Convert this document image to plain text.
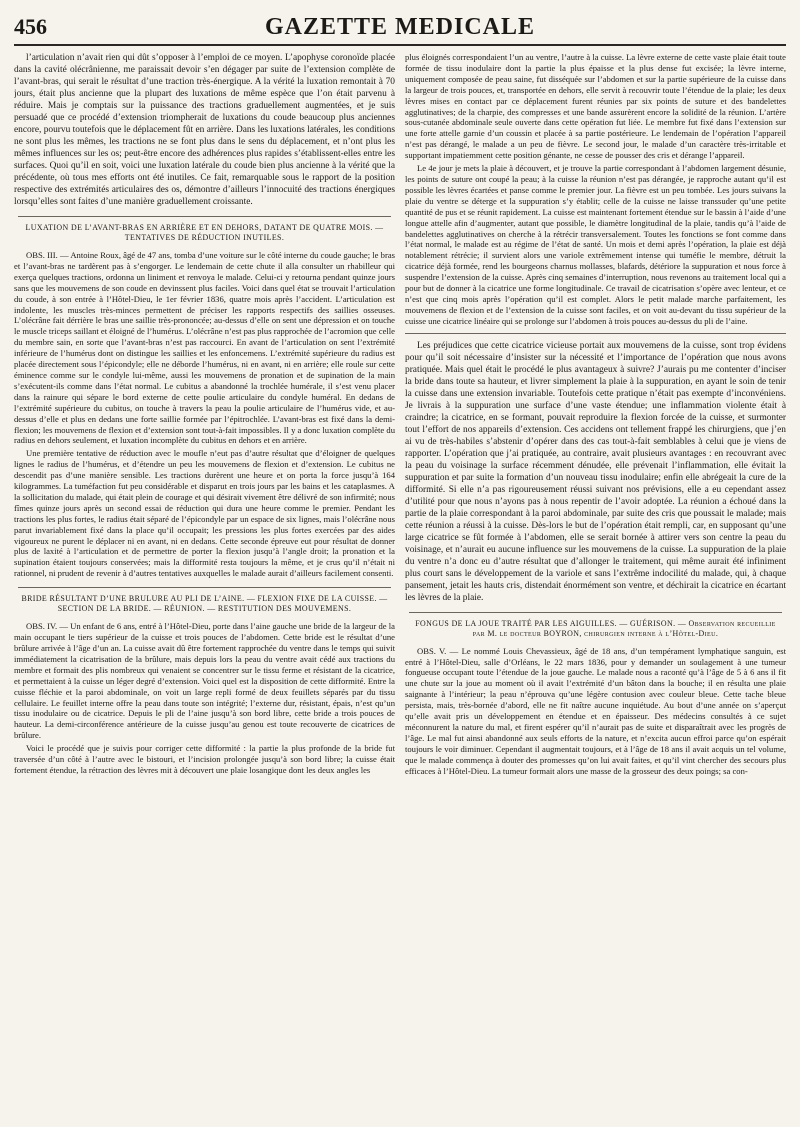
456	GAZETTE MEDICALE

l’articulation n’avait rien qui dût s’opposer à l’emploi de ce moyen. L’apophyse coronoïde placée dans la cavité olécrânienne, me paraissait devoir s’en dégager par suite de l’extension complète de l’avant-bras, qui serait le résultat d’une traction très-énergique. A la vérité la luxation remontait à 70 jours, était plus ancienne que la plupart des luxations de même espèce que l’on était parvenu à réduire. Mais je comptais sur la puissance des tractions graduellement augmentées, et je suis persuadé que ce procédé d’extension triompherait de luxations du coude beaucoup plus anciennes encore, pourvu toutefois que le déplacement fût en arrière. Dans les luxations latérales, les conditions ne sont plus les mêmes, les tractions ne se font plus dans le sens du déplacement, et n’ont plus les mêmes influences sur les os; peut-être encore des adhérences plus rapides s’établissent-elles entre les surfaces. Quoi qu’il en soit, voici une luxation latérale du coude bien plus ancienne à la vérité que la précédente, où tous mes efforts ont été inutiles. Ce fait, remarquable sous le rapport de la position respective des extrémités articulaires des os, démontre d’ailleurs l’innocuité des tractions énergiques lorsqu’elles sont faites d’une manière graduellement croissante.

LUXATION DE L’AVANT-BRAS EN ARRIÈRE ET EN DEHORS, DATANT DE QUATRE MOIS. — TENTATIVES DE RÉDUCTION INUTILES.

OBS. III. — Antoine Roux, âgé de 47 ans, tomba d’une voiture sur le côté interne du coude gauche; le bras et l’avant-bras ne tardèrent pas à s’engorger. Le lendemain de cette chute il alla consulter un rhabilleur qui exerça quelques tractions, ordonna un liniment et renvoya le malade. Celui-ci y retourna pendant quinze jours sans que les mouvemens de son coude en devinssent plus faciles. Voici dans quel état se trouvait l’articulation du coude, à son entrée à l’Hôtel-Dieu, le 1er février 1836, quatre mois après l’accident. L’articulation est indolente, les muscles très-minces permettent de préciser les rapports respectifs des saillies osseuses. L’olécrâne fait dérrière le bras une saillie très-prononcée; au-dessus d’elle on sent une dépression et on touche le muscle triceps saillant et éloigné de l’humérus. L’olécrâne n’est pas plus rapprochée de l’acromion que celle du membre sain, en sorte que l’avant-bras n’est pas raccourci. En avant de l’articulation on sent l’extrémité inférieure de l’humérus dont on distingue les saillies et les enfoncemens. L’extrémité supérieure du radius est placée directement sous l’épicondyle; elle ne déborde l’humérus, ni en avant, ni en arrière; elle roule sur cette éminence comme sur le condyle lui-même, aussi les mouvemens de pronation et de supination de la main s’exécutent-ils comme dans l’état normal. Le cubitus a abandonné la trochlée humérale, il s’est venu placer dans la rainure qui sépare le bord externe de cette poulie articulaire du condyle huméral. En dedans de l’extrémité supérieure du cubitus, on touche à travers la peau la poulie articulaire de l’humérus vide, et au-dessus d’elle et plus en dedans une forte saillie formée par l’épitrochlée. L’avant-bras est fixé dans la demi-flexion; les mouvemens de flexion et d’extension sont tout-à-fait impossibles. Il y a donc luxation complète du radius en dehors seulement, et luxation incomplète du cubitus en dehors et en arrière.

Une première tentative de réduction avec le moufle n’eut pas d’autre résultat que d’éloigner de quelques lignes le radius de l’humérus, et d’étendre un peu les mouvemens de flexion et d’extension. Le cubitus ne descendit pas d’une manière sensible. Les tractions durèrent une heure et on porta la force jusqu’à 164 kilogrammes. La tuméfaction fut peu considérable et disparut en trois jours par les bains et les cataplasmes. A la sollicitation du malade, qui était plein de courage et qui désirait vivement être délivré de son infirmité; nous fîmes quinze jours après un second essai de réduction qui dura une heure comme le premier. Pendant les tractions les plus fortes, le radius était séparé de l’épicondyle par un espace de six lignes, mais l’olécrâne nous parut invariablement fixé dans la place qu’il occupait; les pressions les plus fortes exercées par des aides vigoureux ne purent le déplacer ni en avant, ni en dedans. Cette seconde épreuve eut pour résultat de donner plus de laxité à l’articulation et de permettre de porter la flexion jusqu’à l’angle droit; la pronation et la supination étaient toujours conservées; mais la difformité resta toujours la même, et je crus qu’il n’était ni rationnel, ni prudent de revenir à d’autres tentatives auxquelles le malade aurait d’ailleurs facilement consenti.

BRIDE RÉSULTANT D’UNE BRULURE AU PLI DE L’AINE. — FLEXION FIXE DE LA CUISSE. — SECTION DE LA BRIDE. — RÉUNION. — RESTITUTION DES MOUVEMENS.

OBS. IV. — Un enfant de 6 ans, entré à l’Hôtel-Dieu, porte dans l’aine gauche une bride de la largeur de la main occupant le tiers supérieur de la cuisse et trois pouces de l’abdomen. Cette bride est le résultat d’une brûlure arrivée à l’âge d’un an. La cuisse avait dû être fortement rapprochée du ventre dans le temps qui suivit immédiatement la cicatrisation de la brûlure, mais depuis lors la peau du ventre avait cédé aux tractions du membre et formait des plis nombreux qui venaient se concentrer sur le tissu ferme et résistant de la cicatrice, et permettaient à la cuisse un léger degré d’extension. Voici quel est la disposition de cette difformité. Entre la cuisse fléchie et la paroi abdominale, on voit un large repli formé de deux feuillets séparés par du tissu cellulaire. Le feuillet interne offre la peau dans toute son intégrité; l’externe dur, résistant, épais, n’est qu’un tissu inodulaire ou de cicatrice. Depuis le pli de l’aine jusqu’à son bord libre, cette bride a trois pouces de hauteur. La demi-circonférence antérieure de la cuisse jusqu’au genou est toute recouverte de cicatrices de brûlure.

Voici le procédé que je suivis pour corriger cette difformité : la partie la plus profonde de la bride fut traversée d’un côté à l’autre avec le bistouri, et l’incision prolongée jusqu’à son bord libre; la cuisse était fortement étendue, la rétraction des lèvres mit à découvert une plaie losangique dont les deux angles les

plus éloignés correspondaient l’un au ventre, l’autre à la cuisse. La lèvre externe de cette vaste plaie était toute formée de tissu inodulaire dont la partie la plus épaisse et la plus dense fut excisée; la lèvre interne, uniquement composée de peau saine, fut disséquée sur l’abdomen et sur la partie supérieure de la cuisse dans la largeur de trois pouces, et, transportée en dehors, elle servit à recouvrir toute l’étendue de la plaie; les deux lèvres mises en contact par ce déplacement furent réunies par six points de suture et des bandelettes agglutinatives; de la charpie, des compresses et une bande assurèrent encore la solidité de la réunion. L’artère sous-cutanée abdominale seule ouverte dans cette opération fut liée. Le membre fut fixé dans l’extension sur une forte attelle garnie d’un coussin et placée à sa partie postérieure. Le lendemain de l’opération l’appareil n’est pas dérangé, le malade a un peu de fièvre. Le second jour, le malade d’un caractère très-irritable et supportant impatiemment cette position génante, ne cesse de pousser des cris et dérange l’appareil.

Le 4e jour je mets la plaie à découvert, et je trouve la partie correspondant à l’abdomen largement désunie, les points de suture ont coupé la peau; à la cuisse la réunion n’est pas dérangée, je rapproche autant qu’il est possible les lèvres écartées et panse comme le premier jour. La fièvre est un peu tombée. Les jours suivans la plaie du ventre se déterge et la suppuration s’y établit; celle de la cuisse ne laisse transsuder qu’une petite quantité de pus et se réunit rapidement. La cuisse est maintenant fortement étendue sur le bassin à l’aide d’une longue attelle afin d’augmenter, autant que possible, le diamètre longitudinal de la plaie, tandis qu’à l’aide de bandelettes agglutinatives on cherche à la rétrécir transversalement. Toutes les fonctions se font comme dans l’état normal, le malade est au régime de l’état de santé. Un mois et demi après l’opération, la plaie est déjà notablement rétrécie; il survient alors une variole extrêmement intense qui tuméfie le membre, détruit la cicatrice déjà formée, rend les bourgeons charnus mollasses, blafards, détériore la suppuration et nous force à suspendre l’extension de la cuisse. Après cinq semaines d’interruption, nous revenons au traitement local qui a pour but de donner à la cicatrice une forme longitudinale. Ce travail de cicatrisation s’opère avec lenteur, et ce n’est que cinq mois après l’opération qu’il est complet. Alors le petit malade marche parfaitement, les mouvemens de flexion et de l’extension de la cuisse sont faciles, et on voit au-devant du tissu supérieur de la cuisse une cicatrice linéaire qui se prolonge sur l’abdomen à trois pouces au-dessus du pli de l’aine.

Les préjudices que cette cicatrice vicieuse portait aux mouvemens de la cuisse, sont trop évidens pour qu’il soit nécessaire d’insister sur la nécessité et l’importance de l’opération que nous avons pratiquée. Mais quel était le procédé le plus avantageux à suivre? J’aurais pu me contenter d’inciser la bride dans toute sa hauteur, et livrer simplement la plaie à la suppuration, en ayant le soin de tenir la cuisse dans une extension invariable. Toutefois cette pratique n’était pas exempte d’inconvéniens. Je livrais à la suppuration une surface d’une vaste étendue; une inflammation violente était à craindre; la cicatrice, en se formant, pouvait reproduire la flexion forcée de la cuisse, et surmonter tout l’effort de nos appareils d’extension. Ces accidens ont tellement frappé les chirurgiens, que j’en ai vu de très-habiles s’abstenir d’opérer dans des cas tout-à-fait semblables à celui que je viens de rapporter. L’opération que j’ai pratiquée, au contraire, avait plusieurs avantages : en recouvrant avec la peau du voisinage la surface récemment dénudée, elle prévenait l’inflammation, elle évitait la suppuration et par suite la formation d’un nouveau tissu inodulaire; enfin elle abrégeait la cure de la difformité. Si elle n’a pas rigoureusement réussi suivant nos prévisions, elle a eu cependant assez d’utilité pour que nous n’ayons pas à nous repentir de l’avoir adoptée. La réunion a échoué dans la partie de la plaie correspondant à la paroi abdominale, par suite des cris que poussait le malade; mais cette réunion a réussi à la cuisse. Dès-lors le but de l’opération était rempli, car, en supposant qu’une large cicatrice se fût formée à l’abdomen, elle se serait bornée à attirer vers son centre la peau du voisinage, et n’aurait eu aucune influence sur les mouvemens de la cuisse. La suppuration de la plaie du ventre n’a donc eu d’autre résultat que d’allonger le traitement, qui même aurait été infiniment plus court sans le développement de la variole et sans l’extrême indocilité du malade, qui, à chaque pansement, jetait les hauts cris, distendait énormément son ventre, et déchirait la cicatrice en écartant les lèvres de la plaie.

FONGUS DE LA JOUE TRAITÉ PAR LES AIGUILLES. — GUÉRISON. — Observation recueillie par M. le docteur BOYRON, chirurgien interne à l’Hôtel-Dieu.

OBS. V. — Le nommé Louis Chevassieux, âgé de 18 ans, d’un tempérament lymphatique sanguin, est entré à l’Hôtel-Dieu, salle d’Orléans, le 22 mars 1836, pour y demander un soulagement à une tumeur fongueuse occupant toute l’étendue de la joue gauche. Le malade nous a raconté qu’à l’âge de 5 à 6 ans il fit une chute sur la joue au moment où il avait l’extrémité d’un bâton dans la bouche; il en résulta une plaie saignante à l’intérieur; la peau n’éprouva qu’une légère contusion avec couleur bleue. Cette tache bleue persista, mais, très-bornée d’abord, elle ne fit naître aucune inquiétude. Au bout d’une année on s’aperçut qu’elle avait pris un développement en étendue et en épaisseur. Des médecins consultés à ce sujet méconnurent la nature du mal, et firent espérer qu’il n’aurait pas de suite et disparaîtrait avec les progrès de l’âge. Le mal fut ainsi abandonné aux seuls efforts de la nature, et n’excita aucun effroi parce qu’on espérait toujours le voir diminuer. Cependant il augmentait toujours, et à l’âge de 18 ans il avait acquis un tel volume, que le malade commença à douter des promesses qu’on lui avait faites, et qu’il vint chercher des secours plus efficaces à l’Hôtel-Dieu. La tumeur formait alors une masse de la grosseur des deux poings; sa con-
